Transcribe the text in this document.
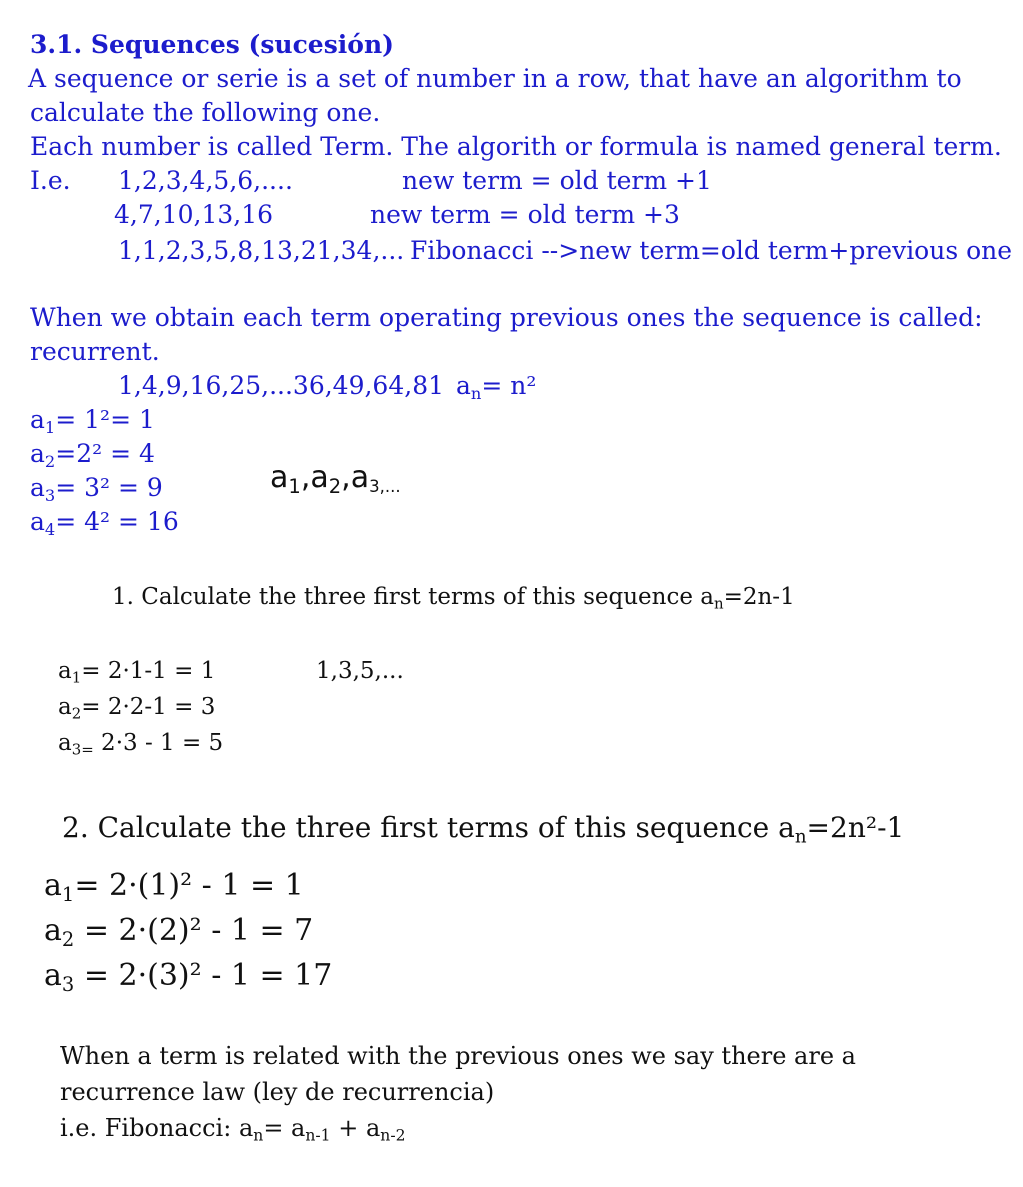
3.1. Sequences (sucesión)
A sequence or serie is a set of number in a row, that have an algorithm to
calculate the following one.
Each number is called Term. The algorith or formula is named general term.
I.e. 1,2,3,4,5,6,....	new term = old term +1
4,7,10,13,16	new term = old term +3
1,1,2,3,5,8,13,21,34,... Fibonacci -->new term=old term+previous one
When we obtain each term operating previous ones the sequence is called:
recurrent.
1,4,9,16,25,...36,49,64,81 $a_n= n^2$
$a_1= 1^2= 1$
$a_2=2^2 = 4$
$a_3= 3^2 = 9$
$a_4= 4^2 = 16$
$a_1,a_2,a_{3,...}$
1. Calculate the three first terms of this sequence $a_n=2n-1$
$a_1= 2\cdot 1-1 = 1$	1,3,5,...
$a_2= 2\cdot 2-1 = 3$
$a_{3=}$ 2·3 - 1 = 5
2. Calculate the three first terms of this sequence $a_n=2n^2-1$
$a_1= 2\cdot(1)^2 - 1 = 1$
$a_2 = 2\cdot(2)^2 - 1 = 7$
$a_3 = 2\cdot(3)^2 - 1 = 17$
When a term is related with the previous ones we say there are a
recurrence law (ley de recurrencia)
i.e. Fibonacci: $a_n= a_{n-1} + a_{n-2}$
